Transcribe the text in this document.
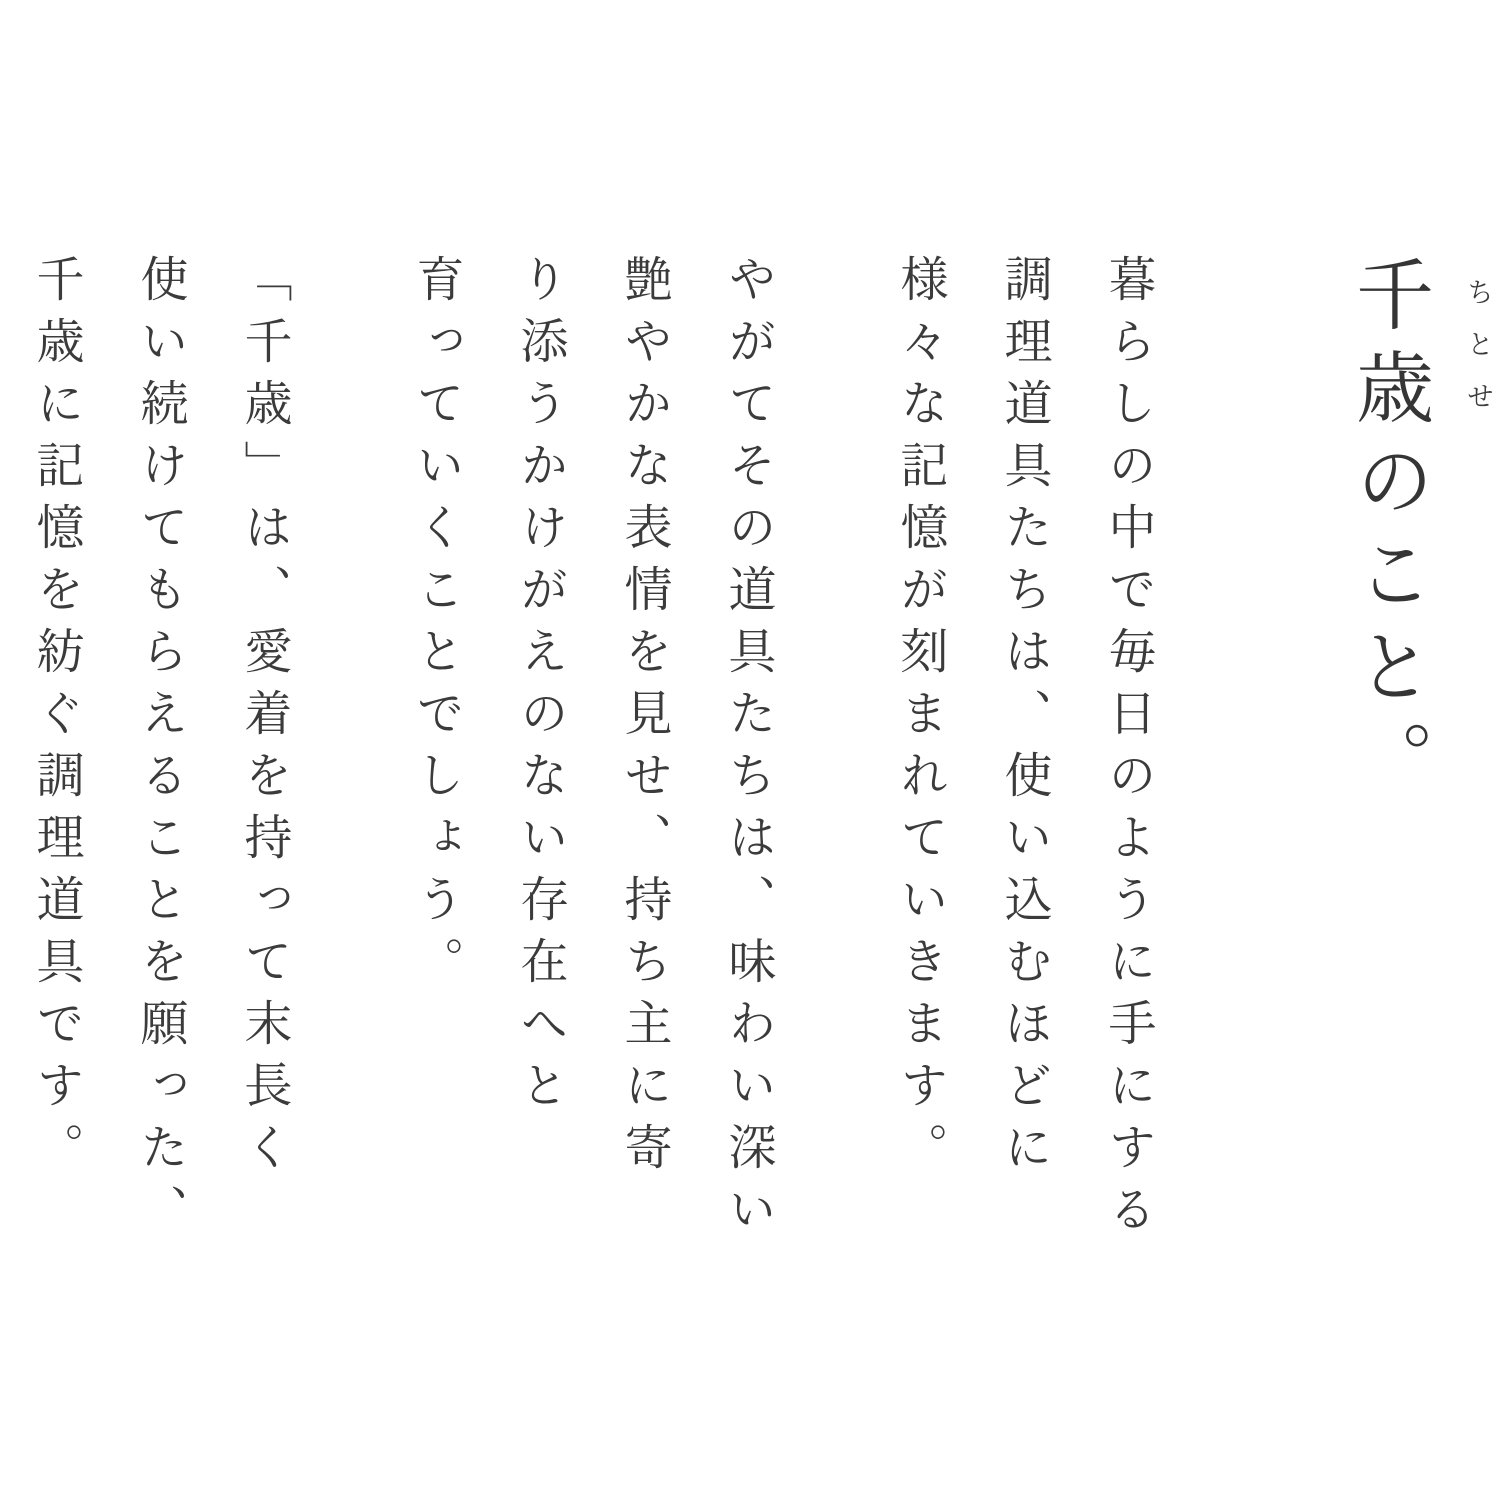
ちとせ
千歳のこと。

暮らしの中で毎日のように手にする
調理道具たちは、使い込むほどに
様々な記憶が刻まれていきます。

やがてその道具たちは、味わい深い
艶やかな表情を見せ、持ち主に寄
り添うかけがえのない存在へと
育っていくことでしょう。

「千歳」は、愛着を持って末長く
使い続けてもらえることを願った、
千歳に記憶を紡ぐ調理道具です。
